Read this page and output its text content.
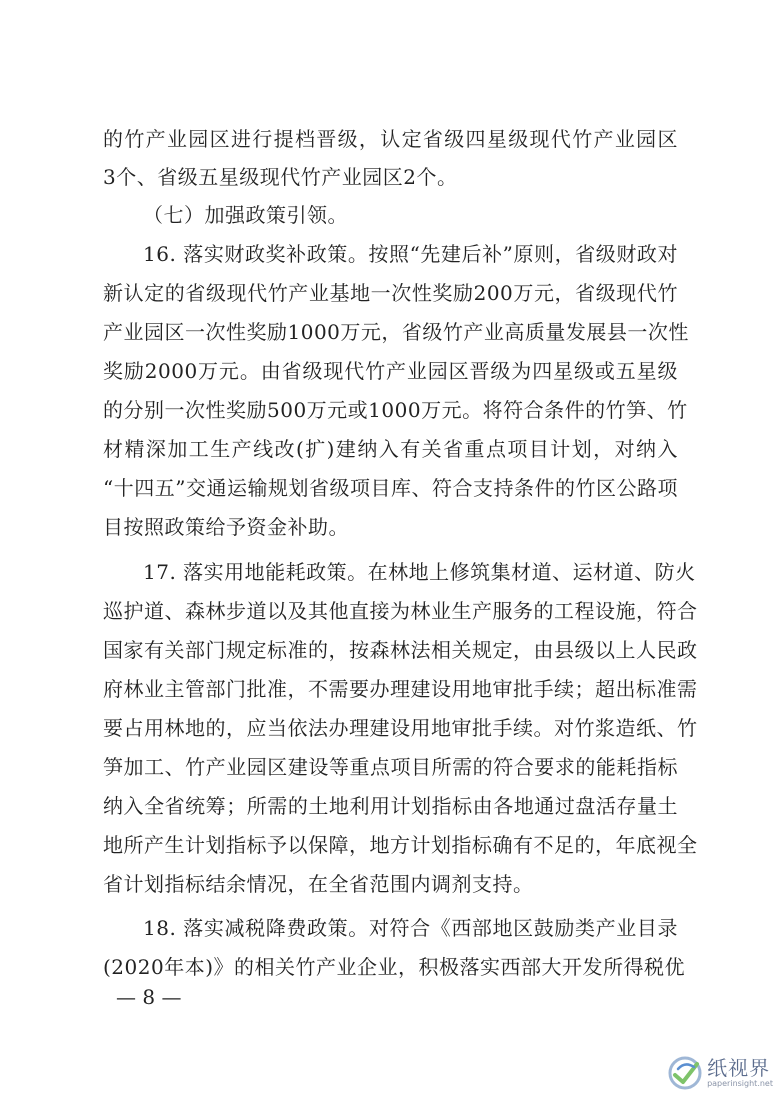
的竹产业园区进行提档晋级，认定省级四星级现代竹产业园区
3个、省级五星级现代竹产业园区2个。
（七）加强政策引领。
16. 落实财政奖补政策。按照“先建后补”原则，省级财政对
新认定的省级现代竹产业基地一次性奖励200万元，省级现代竹
产业园区一次性奖励1000万元，省级竹产业高质量发展县一次性
奖励2000万元。由省级现代竹产业园区晋级为四星级或五星级
的分别一次性奖励500万元或1000万元。将符合条件的竹笋、竹
材精深加工生产线改(扩)建纳入有关省重点项目计划，对纳入
“十四五”交通运输规划省级项目库、符合支持条件的竹区公路项
目按照政策给予资金补助。
17. 落实用地能耗政策。在林地上修筑集材道、运材道、防火
巡护道、森林步道以及其他直接为林业生产服务的工程设施，符合
国家有关部门规定标准的，按森林法相关规定，由县级以上人民政
府林业主管部门批准，不需要办理建设用地审批手续；超出标准需
要占用林地的，应当依法办理建设用地审批手续。对竹浆造纸、竹
笋加工、竹产业园区建设等重点项目所需的符合要求的能耗指标
纳入全省统筹；所需的土地利用计划指标由各地通过盘活存量土
地所产生计划指标予以保障，地方计划指标确有不足的，年底视全
省计划指标结余情况，在全省范围内调剂支持。
18. 落实减税降费政策。对符合《西部地区鼓励类产业目录
(2020年本)》的相关竹产业企业，积极落实西部大开发所得税优
— 8 —
纸视界
paperinsight.net
